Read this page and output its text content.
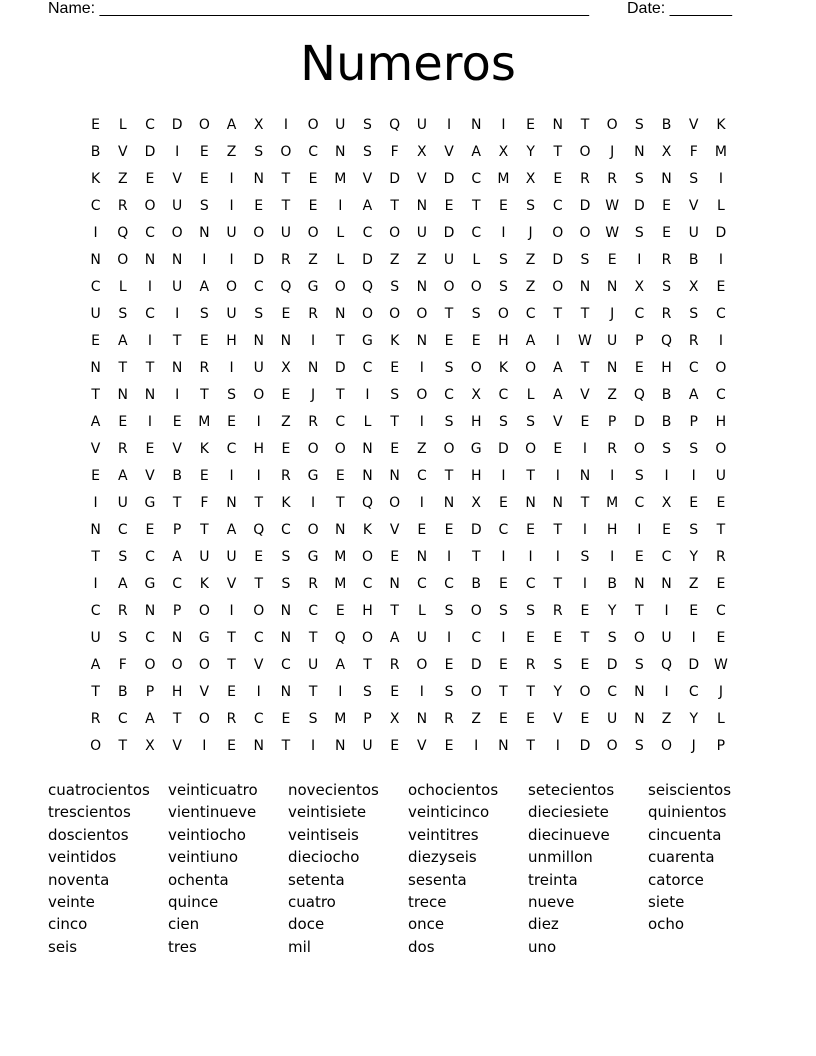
Name: _______________________________________________________ Date: _______
Numeros
E	L	C	D	O	A	X	I	O	U	S	Q	U	I	N	I	E	N	T	O	S	B	V	K
B	V	D	I	E	Z	S	O	C	N	S	F	X	V	A	X	Y	T	O	J	N	X	F	M
K	Z	E	V	E	I	N	T	E	M	V	D	V	D	C	M	X	E	R	R	S	N	S	I
C	R	O	U	S	I	E	T	E	I	A	T	N	E	T	E	S	C	D	W	D	E	V	L
I	Q	C	O	N	U	O	U	O	L	C	O	U	D	C	I	J	O	O	W	S	E	U	D
N	O	N	N	I	I	D	R	Z	L	D	Z	Z	U	L	S	Z	D	S	E	I	R	B	I
C	L	I	U	A	O	C	Q	G	O	Q	S	N	O	O	S	Z	O	N	N	X	S	X	E
U	S	C	I	S	U	S	E	R	N	O	O	O	T	S	O	C	T	T	J	C	R	S	C
E	A	I	T	E	H	N	N	I	T	G	K	N	E	E	H	A	I	W	U	P	Q	R	I
N	T	T	N	R	I	U	X	N	D	C	E	I	S	O	K	O	A	T	N	E	H	C	O
T	N	N	I	T	S	O	E	J	T	I	S	O	C	X	C	L	A	V	Z	Q	B	A	C
A	E	I	E	M	E	I	Z	R	C	L	T	I	S	H	S	S	V	E	P	D	B	P	H
V	R	E	V	K	C	H	E	O	O	N	E	Z	O	G	D	O	E	I	R	O	S	S	O
E	A	V	B	E	I	I	R	G	E	N	N	C	T	H	I	T	I	N	I	S	I	I	U
I	U	G	T	F	N	T	K	I	T	Q	O	I	N	X	E	N	N	T	M	C	X	E	E
N	C	E	P	T	A	Q	C	O	N	K	V	E	E	D	C	E	T	I	H	I	E	S	T
T	S	C	A	U	U	E	S	G	M	O	E	N	I	T	I	I	I	S	I	E	C	Y	R
I	A	G	C	K	V	T	S	R	M	C	N	C	C	B	E	C	T	I	B	N	N	Z	E
C	R	N	P	O	I	O	N	C	E	H	T	L	S	O	S	S	R	E	Y	T	I	E	C
U	S	C	N	G	T	C	N	T	Q	O	A	U	I	C	I	E	E	T	S	O	U	I	E
A	F	O	O	O	T	V	C	U	A	T	R	O	E	D	E	R	S	E	D	S	Q	D	W
T	B	P	H	V	E	I	N	T	I	S	E	I	S	O	T	T	Y	O	C	N	I	C	J
R	C	A	T	O	R	C	E	S	M	P	X	N	R	Z	E	E	V	E	U	N	Z	Y	L
O	T	X	V	I	E	N	T	I	N	U	E	V	E	I	N	T	I	D	O	S	O	J	P
cuatrocientos	veinticuatro	novecientos	ochocientos	setecientos	seiscientos
trescientos	vientinueve	veintisiete	veinticinco	dieciesiete	quinientos
doscientos	veintiocho	veintiseis	veintitres	diecinueve	cincuenta
veintidos	veintiuno	dieciocho	diezyseis	unmillon	cuarenta
noventa	ochenta	setenta	sesenta	treinta	catorce
veinte	quince	cuatro	trece	nueve	siete
cinco	cien	doce	once	diez	ocho
seis	tres	mil	dos	uno
